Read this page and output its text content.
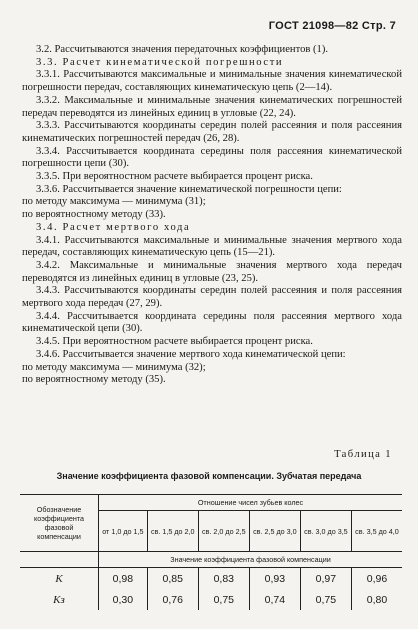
ГОСТ 21098—82 Стр. 7

3.2. Рассчитываются значения передаточных коэффициентов (1).

3.3. Расчет кинематической погрешности

3.3.1. Рассчитываются максимальные и минимальные значения кинематической погрешности передач, составляющих кинематическую цепь (2—14).

3.3.2. Максимальные и минимальные значения кинематических погрешностей передач переводятся из линейных единиц в угловые (22, 24).

3.3.3. Рассчитываются координаты середин полей рассеяния и поля рассеяния кинематических погрешностей передач (26, 28).

3.3.4. Рассчитывается координата середины поля рассеяния кинематической погрешности цепи (30).

3.3.5. При вероятностном расчете выбирается процент риска.

3.3.6. Рассчитывается значение кинематической погрешности цепи:

по методу максимума — минимума (31);

по вероятностному методу (33).

3.4. Расчет мертвого хода

3.4.1. Рассчитываются максимальные и минимальные значения мертвого хода передач, составляющих кинематическую цепь (15—21).

3.4.2. Максимальные и минимальные значения мертвого хода передач переводятся из линейных единиц в угловые (23, 25).

3.4.3. Рассчитываются координаты середин полей рассеяния и поля рассеяния мертвого хода передач (27, 29).

3.4.4. Рассчитывается координата середины поля рассеяния мертвого хода кинематической цепи (30).

3.4.5. При вероятностном расчете выбирается процент риска.

3.4.6. Рассчитывается значение мертвого хода кинематической цепи:

по методу максимума — минимума (32);

по вероятностному методу (35).

Таблица 1
Значение коэффициента фазовой компенсации. Зубчатая передача
Обозначение коэффициента фазовой компенсации	Отношение чисел зубьев колес					
	от 1,0 до 1,5	св. 1,5 до 2,0	св. 2,0 до 2,5	св. 2,5 до 3,0	св. 3,0 до 3,5	св. 3,5 до 4,0
	Значение коэффициента фазовой компенсации					
K	0,98	0,85	0,83	0,93	0,97	0,96
Kз	0,30	0,76	0,75	0,74	0,75	0,80
